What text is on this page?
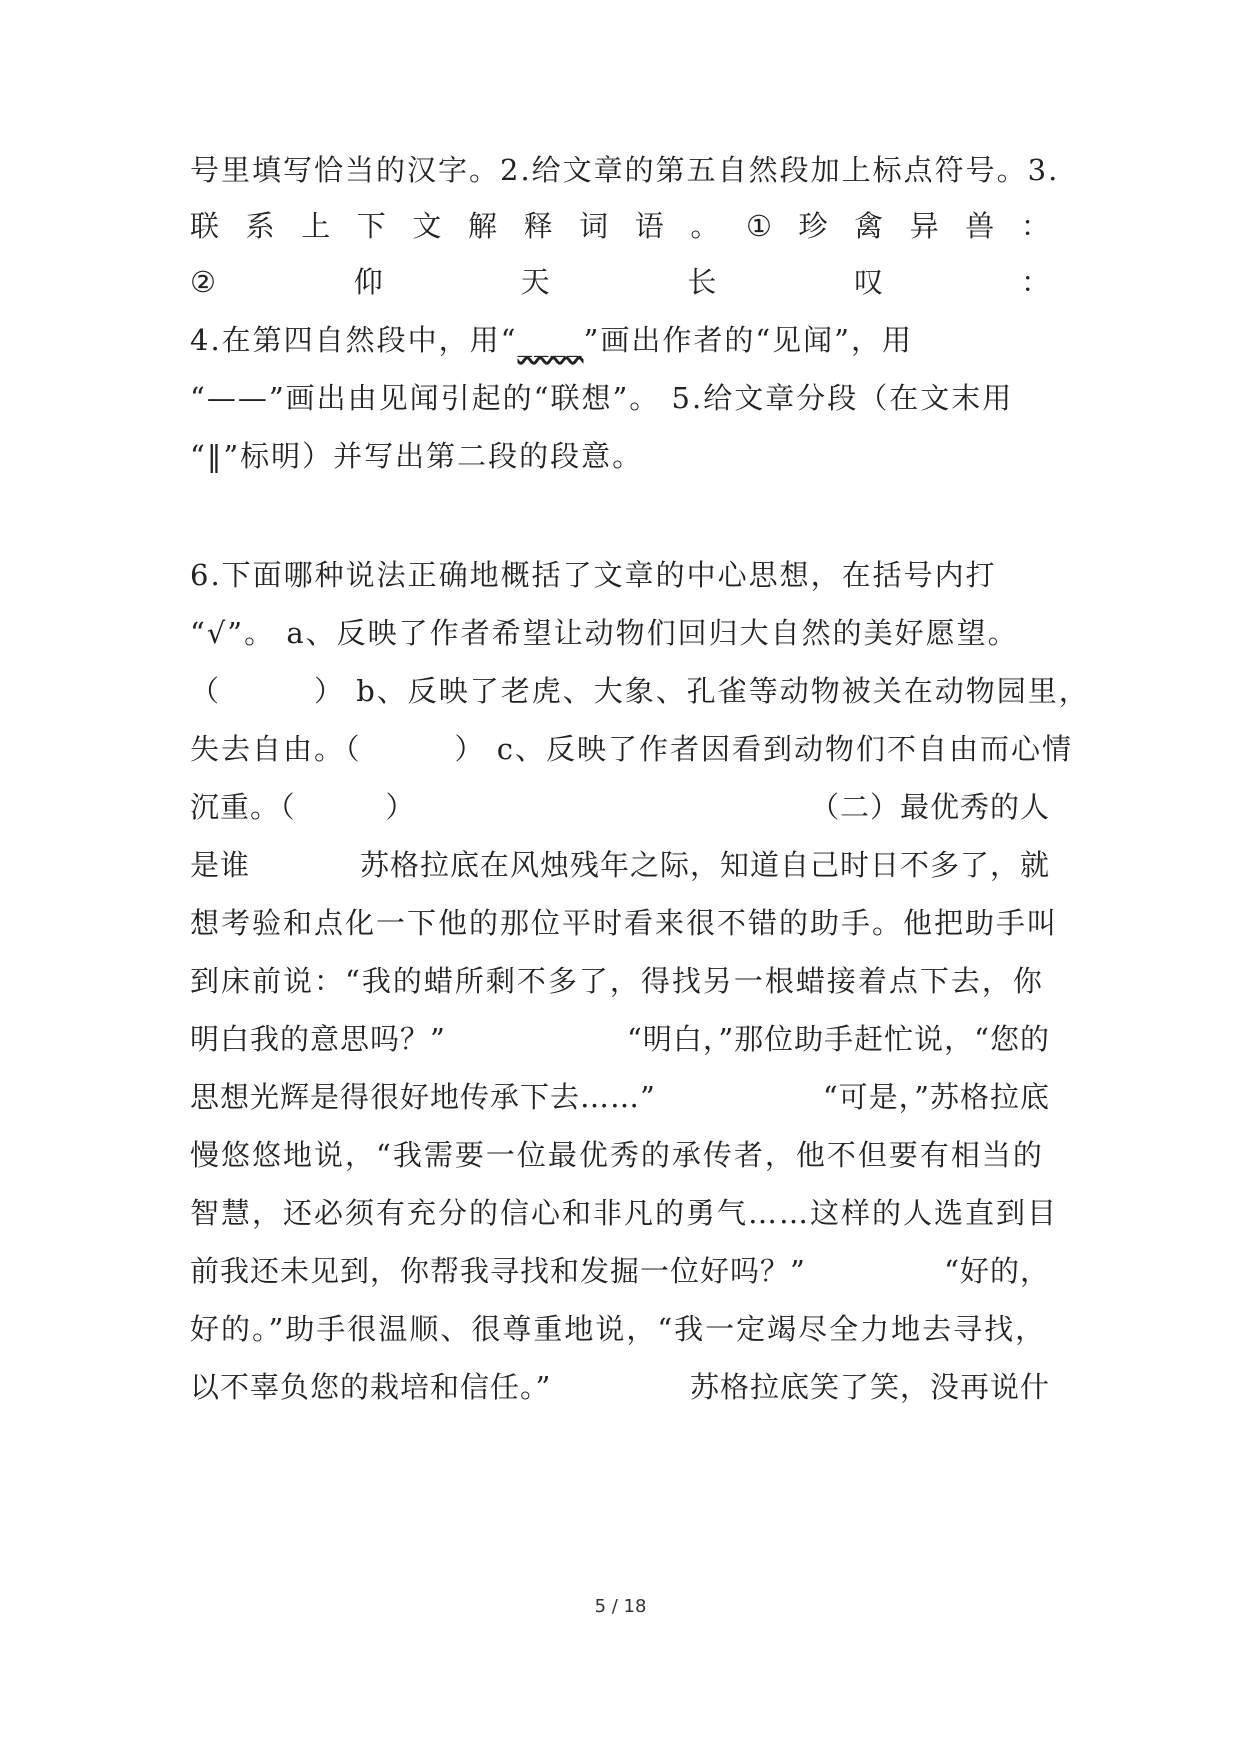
号里填写恰当的汉字。2.给文章的第五自然段加上标点符号。3.
联 系 上 下 文 解 释 词 语 。 ① 珍 禽 异 兽 ：
②	仰	天	长	叹	：
4.在第四自然段中，用“____”画出作者的“见闻”，用
“——”画出由见闻引起的“联想”。 5.给文章分段（在文末用
“‖”标明）并写出第二段的段意。
6.下面哪种说法正确地概括了文章的中心思想，在括号内打
“√”。 a、反映了作者希望让动物们回归大自然的美好愿望。
（　　　） b、反映了老虎、大象、孔雀等动物被关在动物园里，
失去自由。（　　　） c、反映了作者因看到动物们不自由而心情
沉重。（　　　）	（二）最优秀的人
是谁	苏格拉底在风烛残年之际，知道自己时日不多了，就
想考验和点化一下他的那位平时看来很不错的助手。他把助手叫
到床前说：“我的蜡所剩不多了，得找另一根蜡接着点下去，你
明白我的意思吗？”	“明白，”那位助手赶忙说，“您的
思想光辉是得很好地传承下去……”	“可是，”苏格拉底
慢悠悠地说，“我需要一位最优秀的承传者，他不但要有相当的
智慧，还必须有充分的信心和非凡的勇气……这样的人选直到目
前我还未见到，你帮我寻找和发掘一位好吗？”	“好的，
好的。”助手很温顺、很尊重地说，“我一定竭尽全力地去寻找，
以不辜负您的栽培和信任。”	苏格拉底笑了笑，没再说什
5 / 18
